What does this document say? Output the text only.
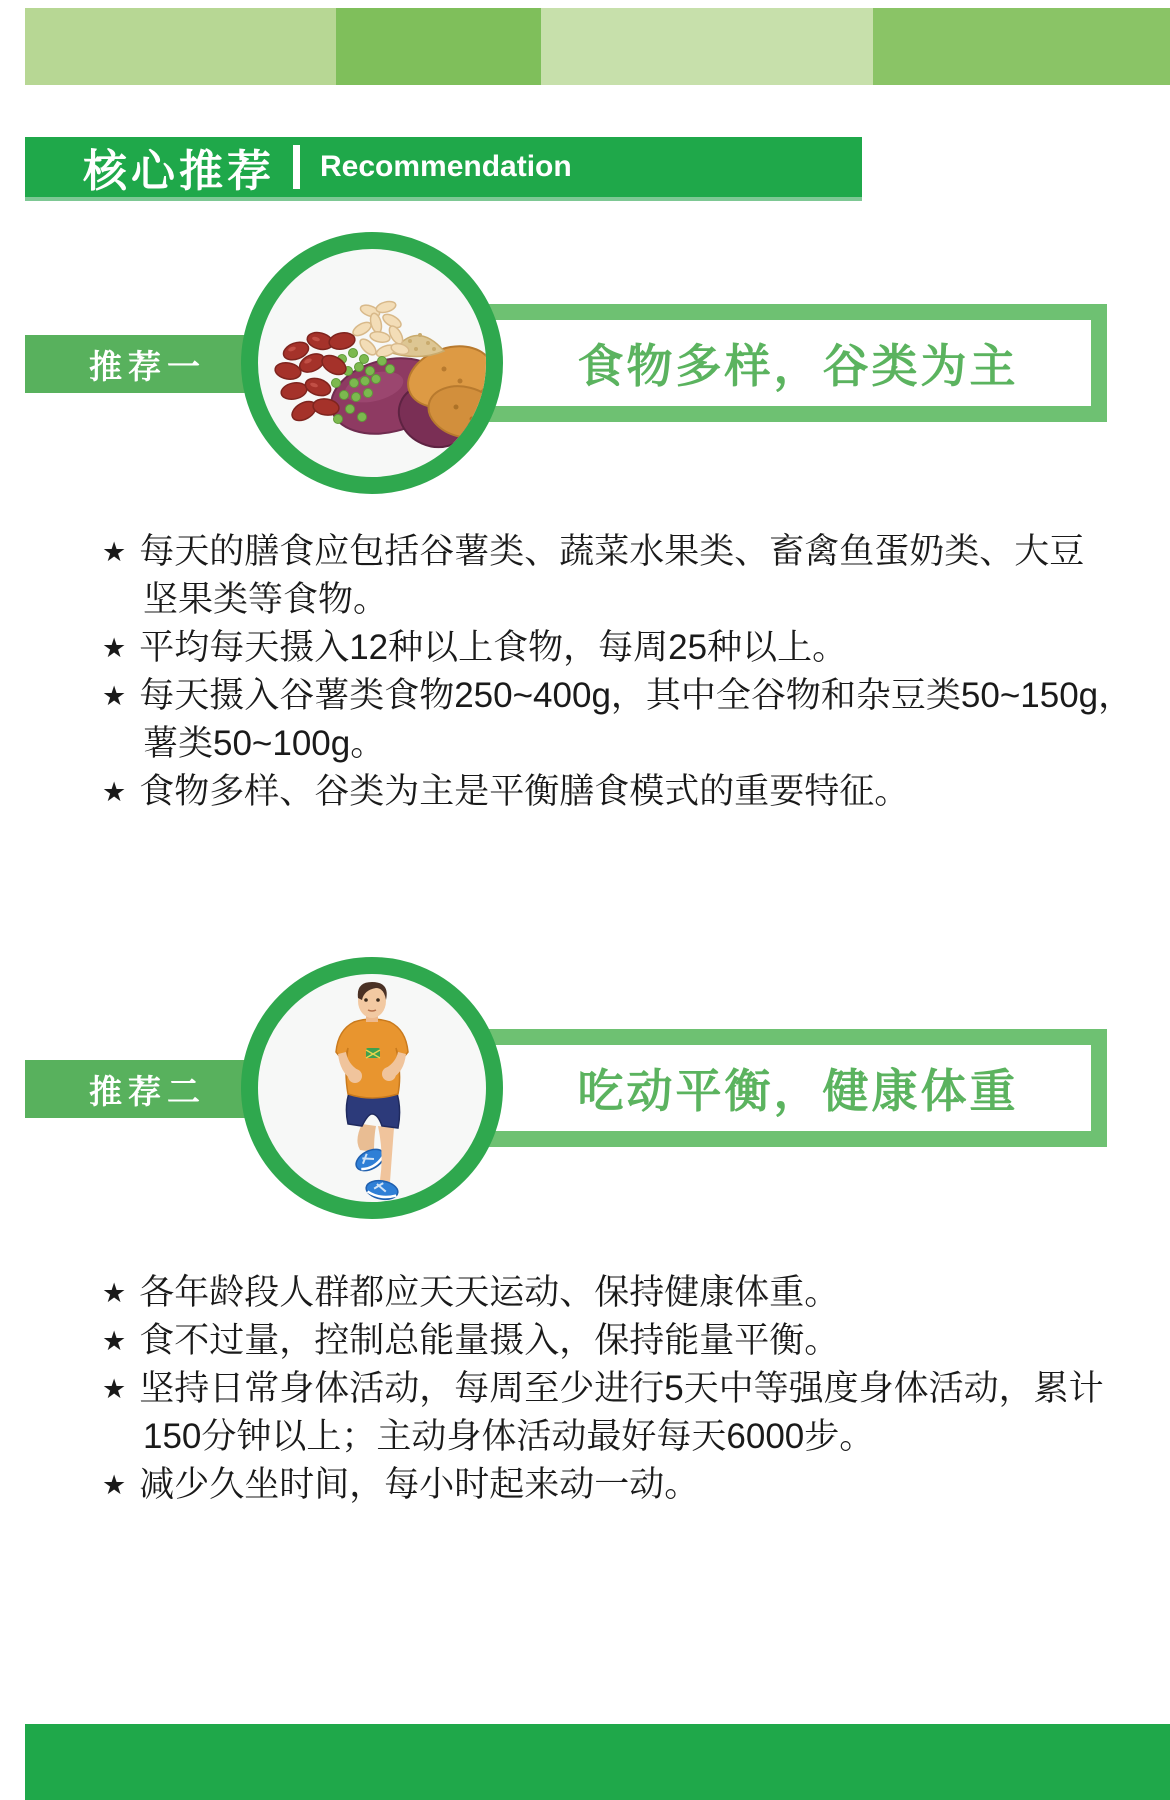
核心推荐 Recommendation
食物多样，谷类为主
推荐一
★ 每天的膳食应包括谷薯类、蔬菜水果类、畜禽鱼蛋奶类、大豆
坚果类等食物。
★ 平均每天摄入12种以上食物，每周25种以上。
★ 每天摄入谷薯类食物250~400g，其中全谷物和杂豆类50~150g，
薯类50~100g。
★ 食物多样、谷类为主是平衡膳食模式的重要特征。
吃动平衡，健康体重
推荐二
★ 各年龄段人群都应天天运动、保持健康体重。
★ 食不过量，控制总能量摄入，保持能量平衡。
★ 坚持日常身体活动，每周至少进行5天中等强度身体活动，累计
150分钟以上；主动身体活动最好每天6000步。
★ 减少久坐时间，每小时起来动一动。
